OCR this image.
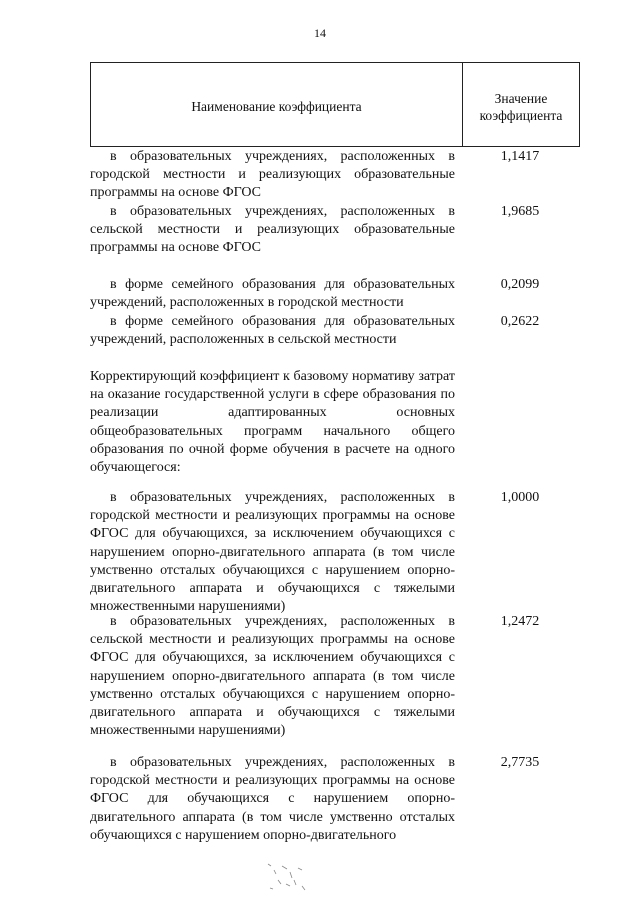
14
Наименование коэффициента
Значение
коэффициента
в образовательных учреждениях, расположенных в городской местности и реализующих образовательные программы на основе ФГОС
1,1417
в образовательных учреждениях, расположенных в сельской местности и реализующих образовательные программы на основе ФГОС
1,9685
в форме семейного образования для образовательных учреждений, расположенных в городской местности
0,2099
в форме семейного образования для образовательных учреждений, расположенных в сельской местности
0,2622
Корректирующий коэффициент к базовому нормативу затрат на оказание государственной услуги в сфере образования по реализации адаптированных основных общеобразовательных программ начального общего образования по очной форме обучения в расчете на одного обучающегося:
в образовательных учреждениях, расположенных в городской местности и реализующих программы на основе ФГОС для обучающихся, за исключением обучающихся с нарушением опорно-двигательного аппарата (в том числе умственно отсталых обучающихся с нарушением опорно-двигательного аппарата и обучающихся с тяжелыми множественными нарушениями)
1,0000
в образовательных учреждениях, расположенных в сельской местности и реализующих программы на основе ФГОС для обучающихся, за исключением обучающихся с нарушением опорно-двигательного аппарата (в том числе умственно отсталых обучающихся с нарушением опорно-двигательного аппарата и обучающихся с тяжелыми множественными нарушениями)
1,2472
в образовательных учреждениях, расположенных в городской местности и реализующих программы на основе ФГОС для обучающихся с нарушением опорно-двигательного аппарата (в том числе умственно отсталых обучающихся с нарушением опорно-двигательного
2,7735
